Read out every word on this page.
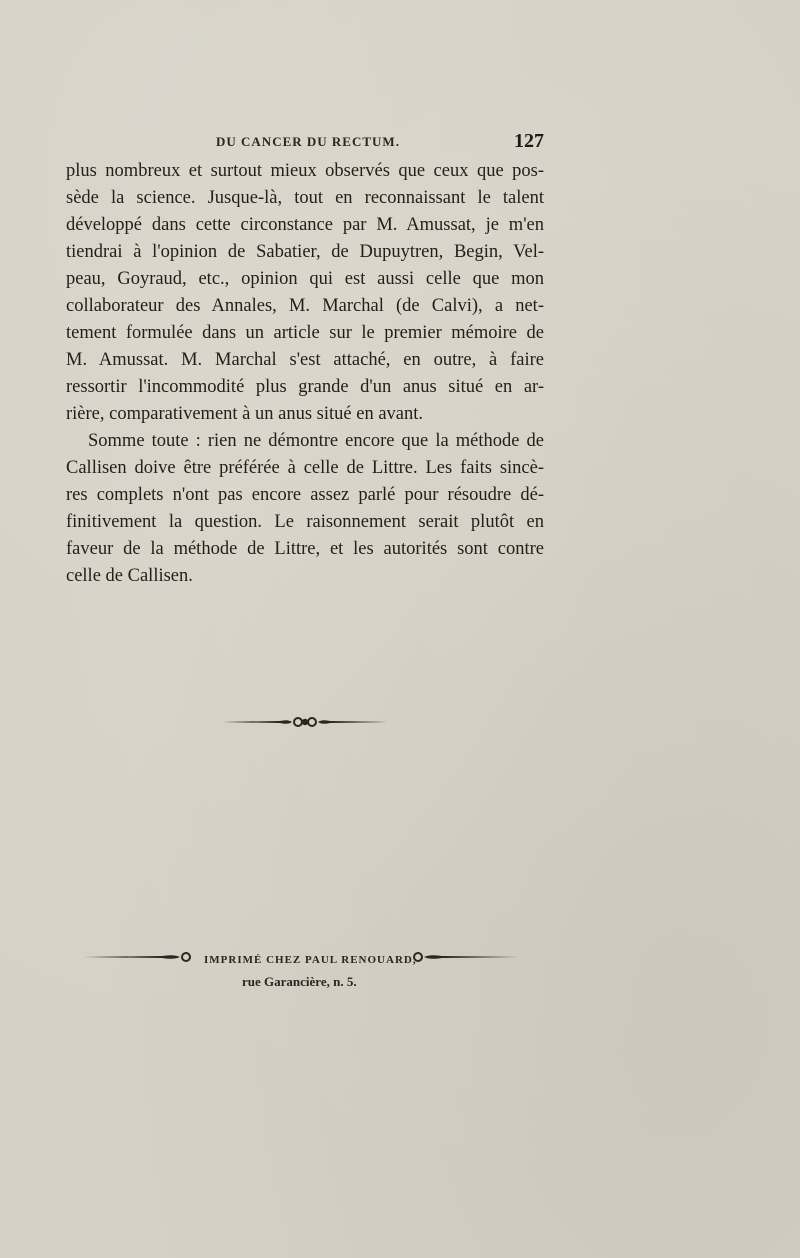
DU CANCER DU RECTUM.	127
plus nombreux et surtout mieux observés que ceux que pos-
sède la science. Jusque-là, tout en reconnaissant le talent
développé dans cette circonstance par M. Amussat, je m'en
tiendrai à l'opinion de Sabatier, de Dupuytren, Begin, Vel-
peau, Goyraud, etc., opinion qui est aussi celle que mon
collaborateur des Annales, M. Marchal (de Calvi), a net-
tement formulée dans un article sur le premier mémoire de
M. Amussat. M. Marchal s'est attaché, en outre, à faire
ressortir l'incommodité plus grande d'un anus situé en ar-
rière, comparativement à un anus situé en avant.
Somme toute : rien ne démontre encore que la méthode de
Callisen doive être préférée à celle de Littre. Les faits sincè-
res complets n'ont pas encore assez parlé pour résoudre dé-
finitivement la question. Le raisonnement serait plutôt en
faveur de la méthode de Littre, et les autorités sont contre
celle de Callisen.
IMPRIMÉ CHEZ PAUL RENOUARD,
rue Garancière, n. 5.
